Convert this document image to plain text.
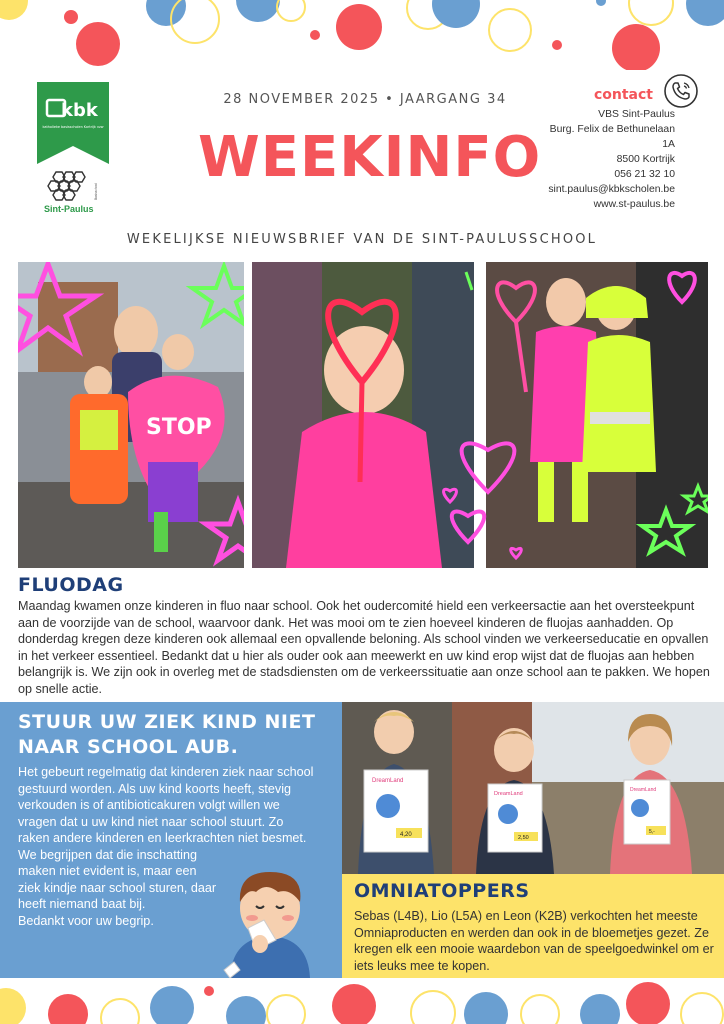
kbk
katholieke basisscholen Kortrijk vzw
Sint-Paulus
Basisschool
28 NOVEMBER 2025 • JAARGANG 34
WEEKINFO
WEKELIJKSE NIEUWSBRIEF VAN DE SINT-PAULUSSCHOOL
contact
VBS Sint-Paulus
Burg. Felix de Bethunelaan 1A
8500 Kortrijk
056 21 32 10
sint.paulus@kbkscholen.be
www.st-paulus.be
STOP
FLUODAG
Maandag kwamen onze kinderen in fluo naar school. Ook het oudercomité hield een verkeersactie aan het oversteekpunt aan de voorzijde van de school, waarvoor dank. Het was mooi om te zien hoeveel kinderen de fluojas aanhadden. Op donderdag kregen deze kinderen ook allemaal een opvallende beloning. Als school vinden we verkeerseducatie en opvallen in het verkeer essentieel. Bedankt dat u hier als ouder ook aan meewerkt en uw kind erop wijst dat de fluojas aan hebben belangrijk is. We zijn ook in overleg met de stadsdiensten om de verkeerssituatie aan onze school aan te pakken. We hopen op snelle actie.
STUUR UW ZIEK KIND NIET NAAR SCHOOL AUB.

Het gebeurt regelmatig dat kinderen ziek naar school gestuurd worden. Als uw kind koorts heeft, stevig verkouden is of antibioticakuren volgt willen we vragen dat u uw kind niet naar school stuurt. Zo raken andere kinderen en leerkrachten niet besmet.

We begrijpen dat die inschatting maken niet evident is, maar een ziek kindje naar school sturen, daar heeft niemand baat bij.

Bedankt voor uw begrip.

DreamLand
4,20
DreamLand
2,50
DreamLand
5,-
OMNIATOPPERS
Sebas (L4B), Lio (L5A) en Leon (K2B) verkochten het meeste Omniaproducten en werden dan ook in de bloemetjes gezet. Ze kregen elk een mooie waardebon van de speelgoedwinkel om er iets leuks mee te kopen.
